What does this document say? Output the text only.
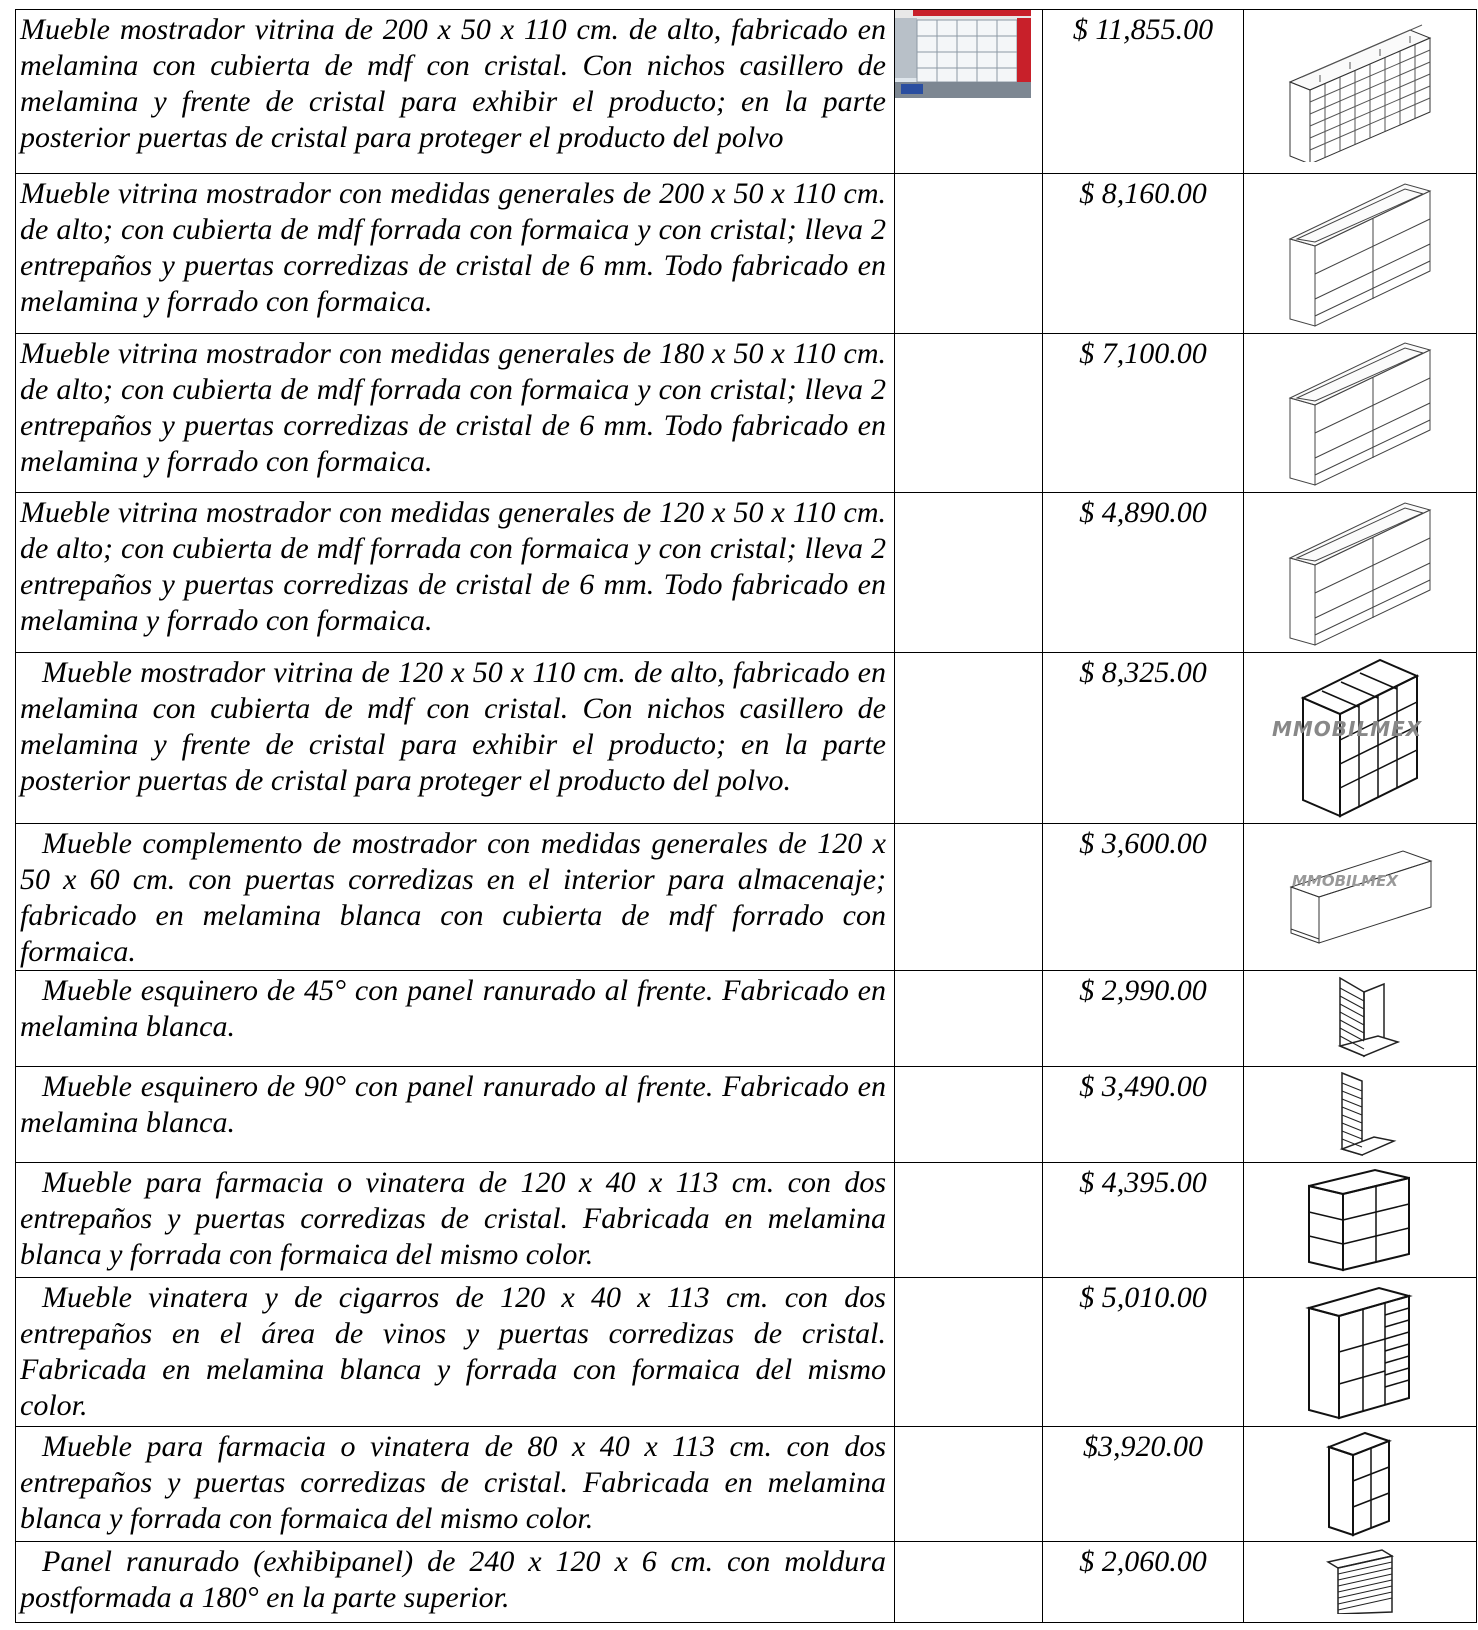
Mueble mostrador vitrina de 200 x 50 x 110 cm. de alto, fabricado en melamina con cubierta de mdf con cristal. Con nichos casillero de melamina y frente de cristal para exhibir el producto; en la parte posterior puertas de cristal para proteger el producto del polvo		$ 11,855.00

Mueble vitrina mostrador con medidas generales de 200 x 50 x 110 cm. de alto; con cubierta de mdf forrada con formaica y con cristal; lleva 2 entrepaños y puertas corredizas de cristal de 6 mm. Todo fabricado en melamina y forrado con formaica.		$ 8,160.00

Mueble vitrina mostrador con medidas generales de 180 x 50 x 110 cm. de alto; con cubierta de mdf forrada con formaica y con cristal; lleva 2 entrepaños y puertas corredizas de cristal de 6 mm. Todo fabricado en melamina y forrado con formaica.		$ 7,100.00

Mueble vitrina mostrador con medidas generales de 120 x 50 x 110 cm. de alto; con cubierta de mdf forrada con formaica y con cristal; lleva 2 entrepaños y puertas corredizas de cristal de 6 mm. Todo fabricado en melamina y forrado con formaica.		$ 4,890.00

Mueble mostrador vitrina de 120 x 50 x 110 cm. de alto, fabricado en melamina con cubierta de mdf con cristal. Con nichos casillero de melamina y frente de cristal para exhibir el producto; en la parte posterior puertas de cristal para proteger el producto del polvo.		$ 8,325.00	MMOBILMEX

Mueble complemento de mostrador con medidas generales de 120 x 50 x 60 cm. con puertas corredizas en el interior para almacenaje; fabricado en melamina blanca con cubierta de mdf forrado con formaica.		$ 3,600.00	MMOBILMEX

Mueble esquinero de 45° con panel ranurado al frente. Fabricado en melamina blanca.		$ 2,990.00

Mueble esquinero de 90° con panel ranurado al frente. Fabricado en melamina blanca.		$ 3,490.00

Mueble para farmacia o vinatera de 120 x 40 x 113 cm. con dos entrepaños y puertas corredizas de cristal. Fabricada en melamina blanca y forrada con formaica del mismo color.		$ 4,395.00

Mueble vinatera y de cigarros de 120 x 40 x 113 cm. con dos entrepaños en el área de vinos y puertas corredizas de cristal. Fabricada en melamina blanca y forrada con formaica del mismo color.		$ 5,010.00

Mueble para farmacia o vinatera de 80 x 40 x 113 cm. con dos entrepaños y puertas corredizas de cristal. Fabricada en melamina blanca y forrada con formaica del mismo color.		$3,920.00

Panel ranurado (exhibipanel) de 240 x 120 x 6 cm. con moldura postformada a 180° en la parte superior.		$ 2,060.00
